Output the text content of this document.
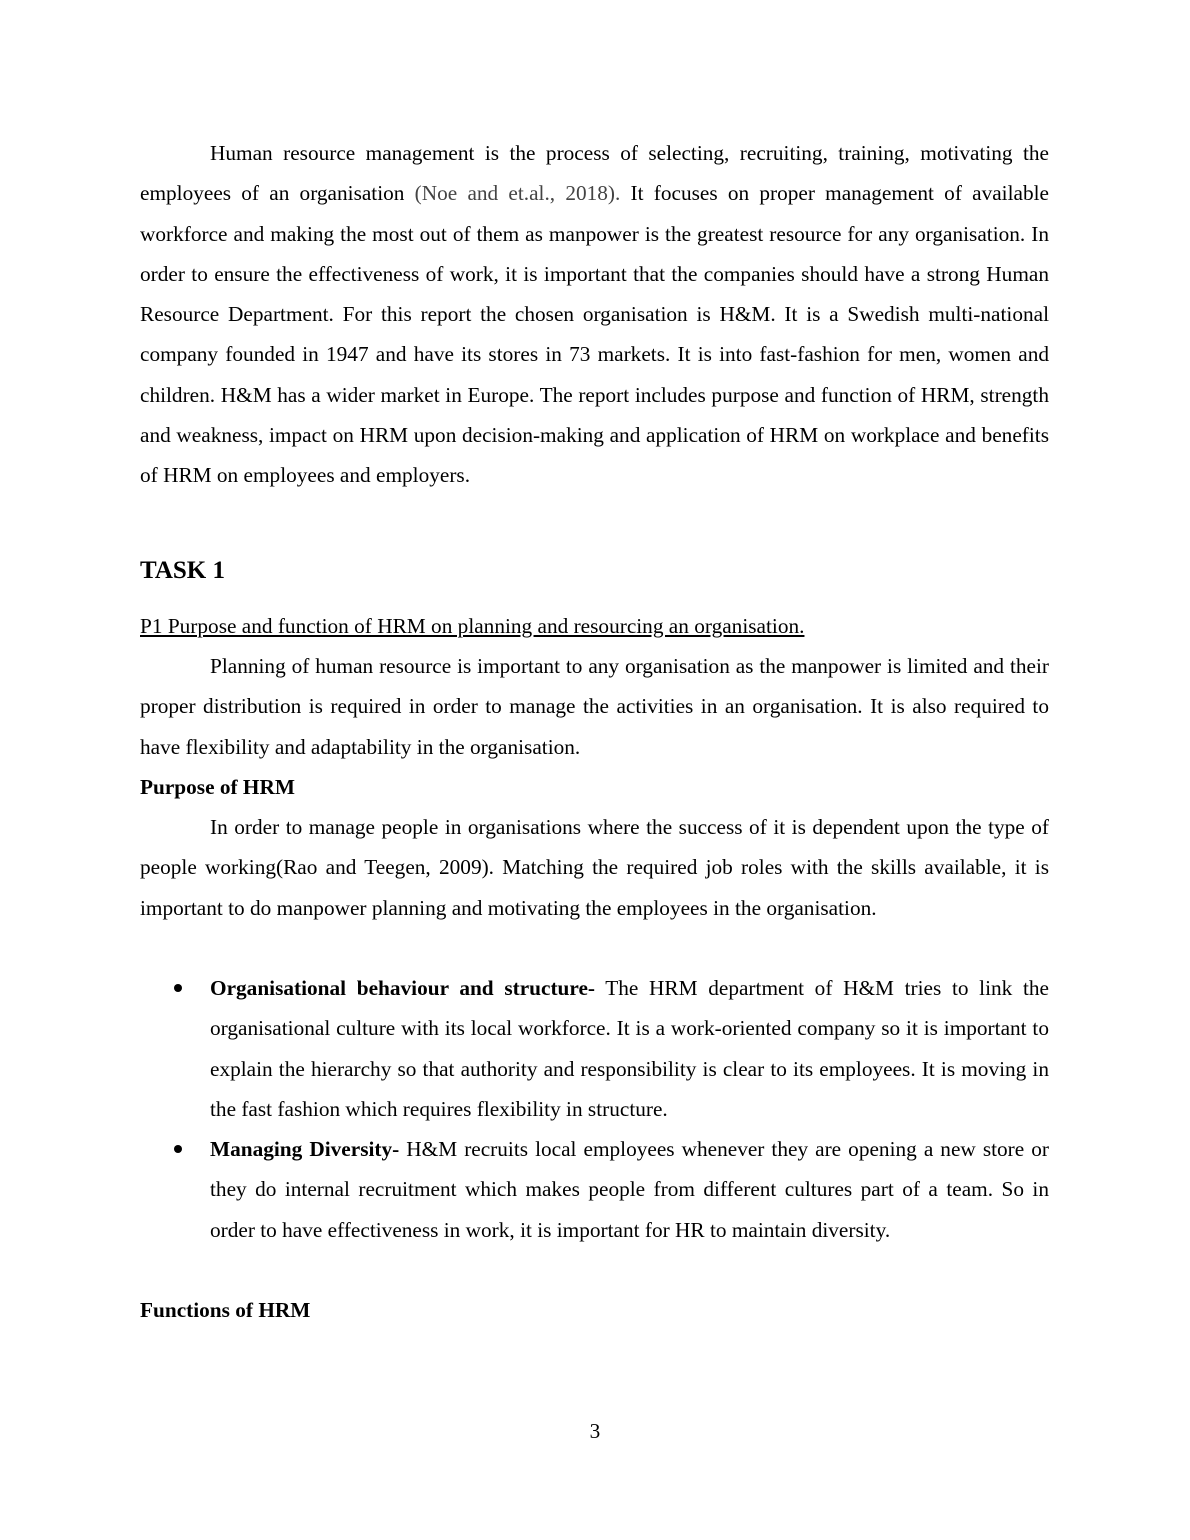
Human resource management is the process of selecting, recruiting, training, motivating the employees of an organisation (Noe and et.al., 2018). It focuses on proper management of available workforce and making the most out of them as manpower is the greatest resource for any organisation. In order to ensure the effectiveness of work, it is important that the companies should have a strong Human Resource Department. For this report the chosen organisation is H&M. It is a Swedish multi-national company founded in 1947 and have its stores in 73 markets. It is into fast-fashion for men, women and children. H&M has a wider market in Europe. The report includes purpose and function of HRM, strength and weakness, impact on HRM upon decision-making and application of HRM on workplace and benefits of HRM on employees and employers.

TASK 1

P1 Purpose and function of HRM on planning and resourcing an organisation.

Planning of human resource is important to any organisation as the manpower is limited and their proper distribution is required in order to manage the activities in an organisation. It is also required to have flexibility and adaptability in the organisation.

Purpose of HRM

In order to manage people in organisations where the success of it is dependent upon the type of people working(Rao and Teegen, 2009). Matching the required job roles with the skills available, it is important to do manpower planning and motivating the employees in the organisation.

Organisational behaviour and structure- The HRM department of H&M tries to link the organisational culture with its local workforce. It is a work-oriented company so it is important to explain the hierarchy so that authority and responsibility is clear to its employees. It is moving in the fast fashion which requires flexibility in structure.
Managing Diversity- H&M recruits local employees whenever they are opening a new store or they do internal recruitment which makes people from different cultures part of a team. So in order to have effectiveness in work, it is important for HR to maintain diversity.

Functions of HRM

3
